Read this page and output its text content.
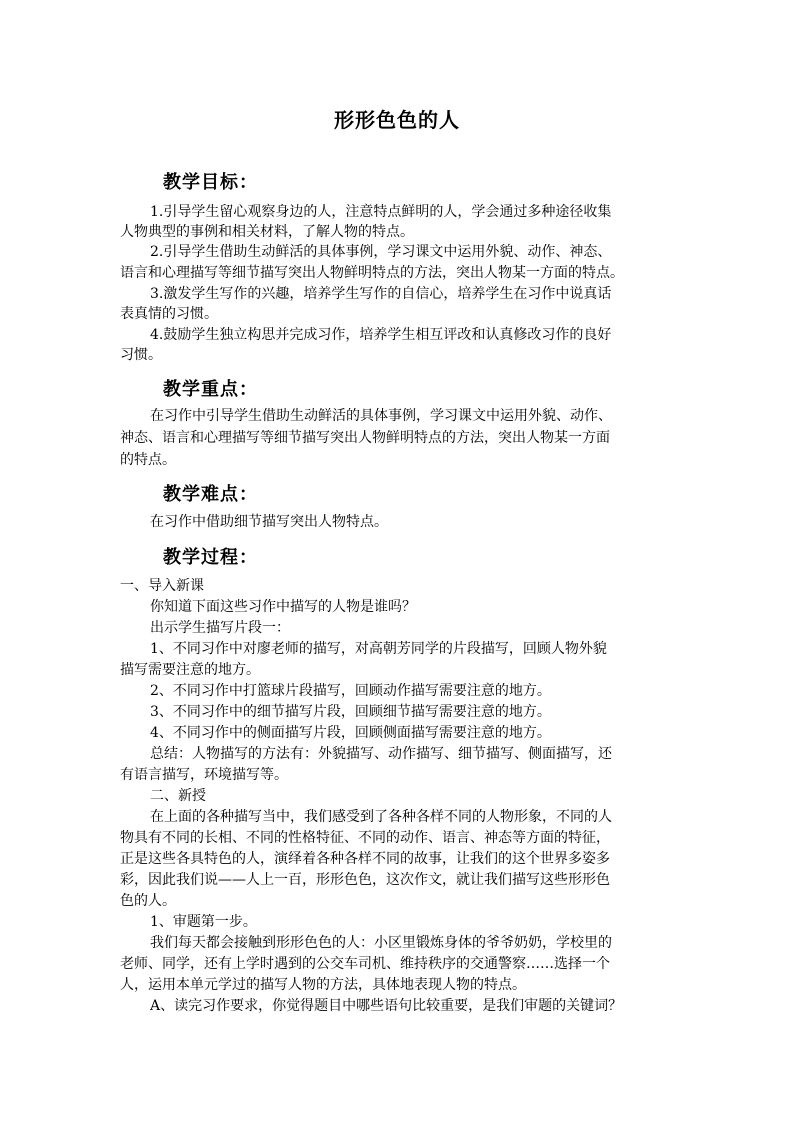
形形色色的人
教学目标：
1.引导学生留心观察身边的人，注意特点鲜明的人，学会通过多种途径收集
人物典型的事例和相关材料，了解人物的特点。
2.引导学生借助生动鲜活的具体事例，学习课文中运用外貌、动作、神态、
语言和心理描写等细节描写突出人物鲜明特点的方法，突出人物某一方面的特点。
3.激发学生写作的兴趣，培养学生写作的自信心，培养学生在习作中说真话
表真情的习惯。
4.鼓励学生独立构思并完成习作，培养学生相互评改和认真修改习作的良好
习惯。
教学重点：
在习作中引导学生借助生动鲜活的具体事例，学习课文中运用外貌、动作、
神态、语言和心理描写等细节描写突出人物鲜明特点的方法，突出人物某一方面
的特点。
教学难点：
在习作中借助细节描写突出人物特点。
教学过程：
一、导入新课
你知道下面这些习作中描写的人物是谁吗？
出示学生描写片段一：
1、不同习作中对廖老师的描写，对高朝芳同学的片段描写，回顾人物外貌
描写需要注意的地方。
2、不同习作中打篮球片段描写，回顾动作描写需要注意的地方。
3、不同习作中的细节描写片段，回顾细节描写需要注意的地方。
4、不同习作中的侧面描写片段，回顾侧面描写需要注意的地方。
总结：人物描写的方法有：外貌描写、动作描写、细节描写、侧面描写，还
有语言描写，环境描写等。
二、新授
在上面的各种描写当中，我们感受到了各种各样不同的人物形象，不同的人
物具有不同的长相、不同的性格特征、不同的动作、语言、神态等方面的特征，
正是这些各具特色的人，演绎着各种各样不同的故事，让我们的这个世界多姿多
彩，因此我们说——人上一百，形形色色，这次作文，就让我们描写这些形形色
色的人。
1、审题第一步。
我们每天都会接触到形形色色的人：小区里锻炼身体的爷爷奶奶，学校里的
老师、同学，还有上学时遇到的公交车司机、维持秩序的交通警察……选择一个
人，运用本单元学过的描写人物的方法，具体地表现人物的特点。
A、读完习作要求，你觉得题目中哪些语句比较重要，是我们审题的关键词？
